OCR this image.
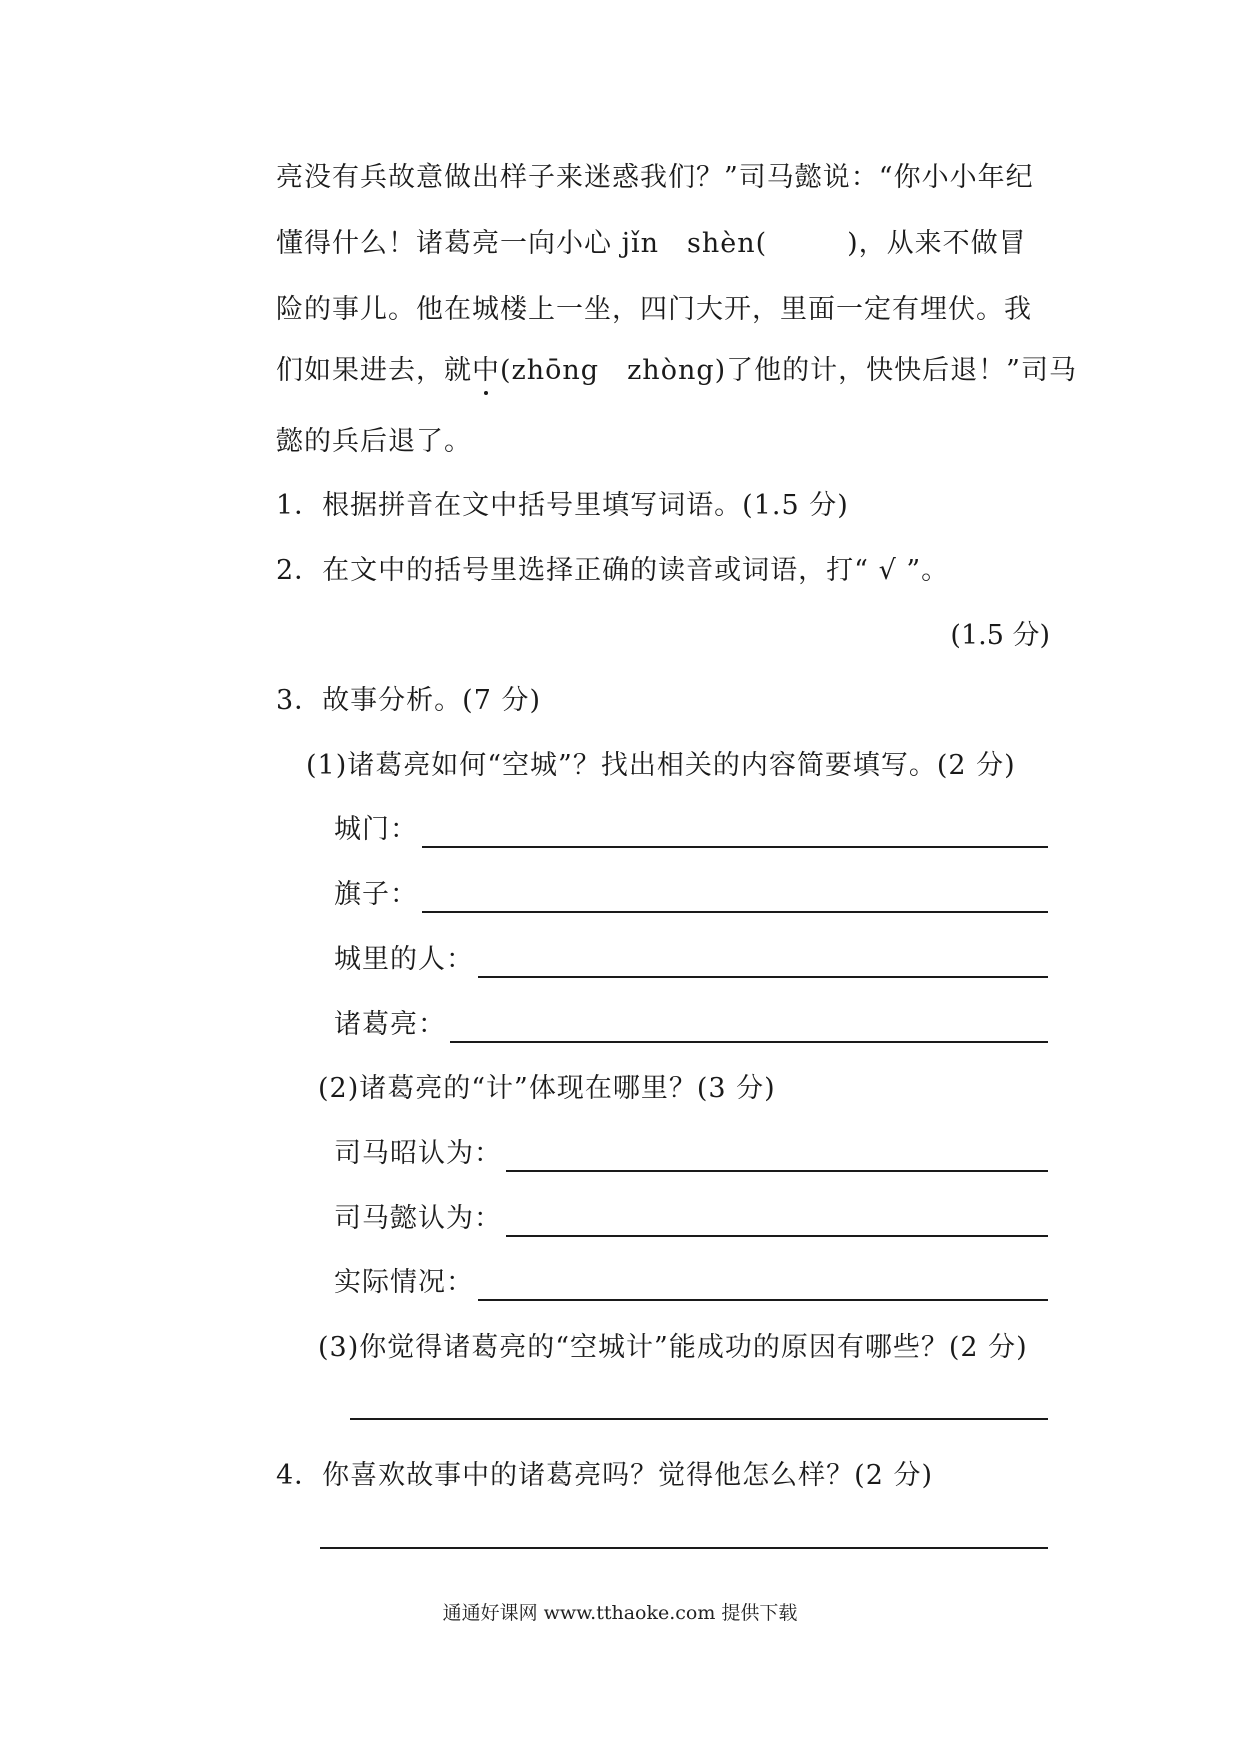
亮没有兵故意做出样子来迷惑我们？”司马懿说：“你小小年纪
懂得什么！诸葛亮一向小心 jǐn　shèn(	)，从来不做冒
险的事儿。他在城楼上一坐，四门大开，里面一定有埋伏。我
们如果进去，就中(zhōng　zhòng)了他的计，快快后退！”司马
懿的兵后退了。
1．根据拼音在文中括号里填写词语。(1.5 分)
2．在文中的括号里选择正确的读音或词语，打“ √ ”。
(1.5 分)
3．故事分析。(7 分)
(1)诸葛亮如何“空城”？找出相关的内容简要填写。(2 分)
城门：
旗子：
城里的人：
诸葛亮：
(2)诸葛亮的“计”体现在哪里？(3 分)
司马昭认为：
司马懿认为：
实际情况：
(3)你觉得诸葛亮的“空城计”能成功的原因有哪些？(2 分)
4．你喜欢故事中的诸葛亮吗？觉得他怎么样？(2 分)
通通好课网 www.tthaoke.com 提供下载
